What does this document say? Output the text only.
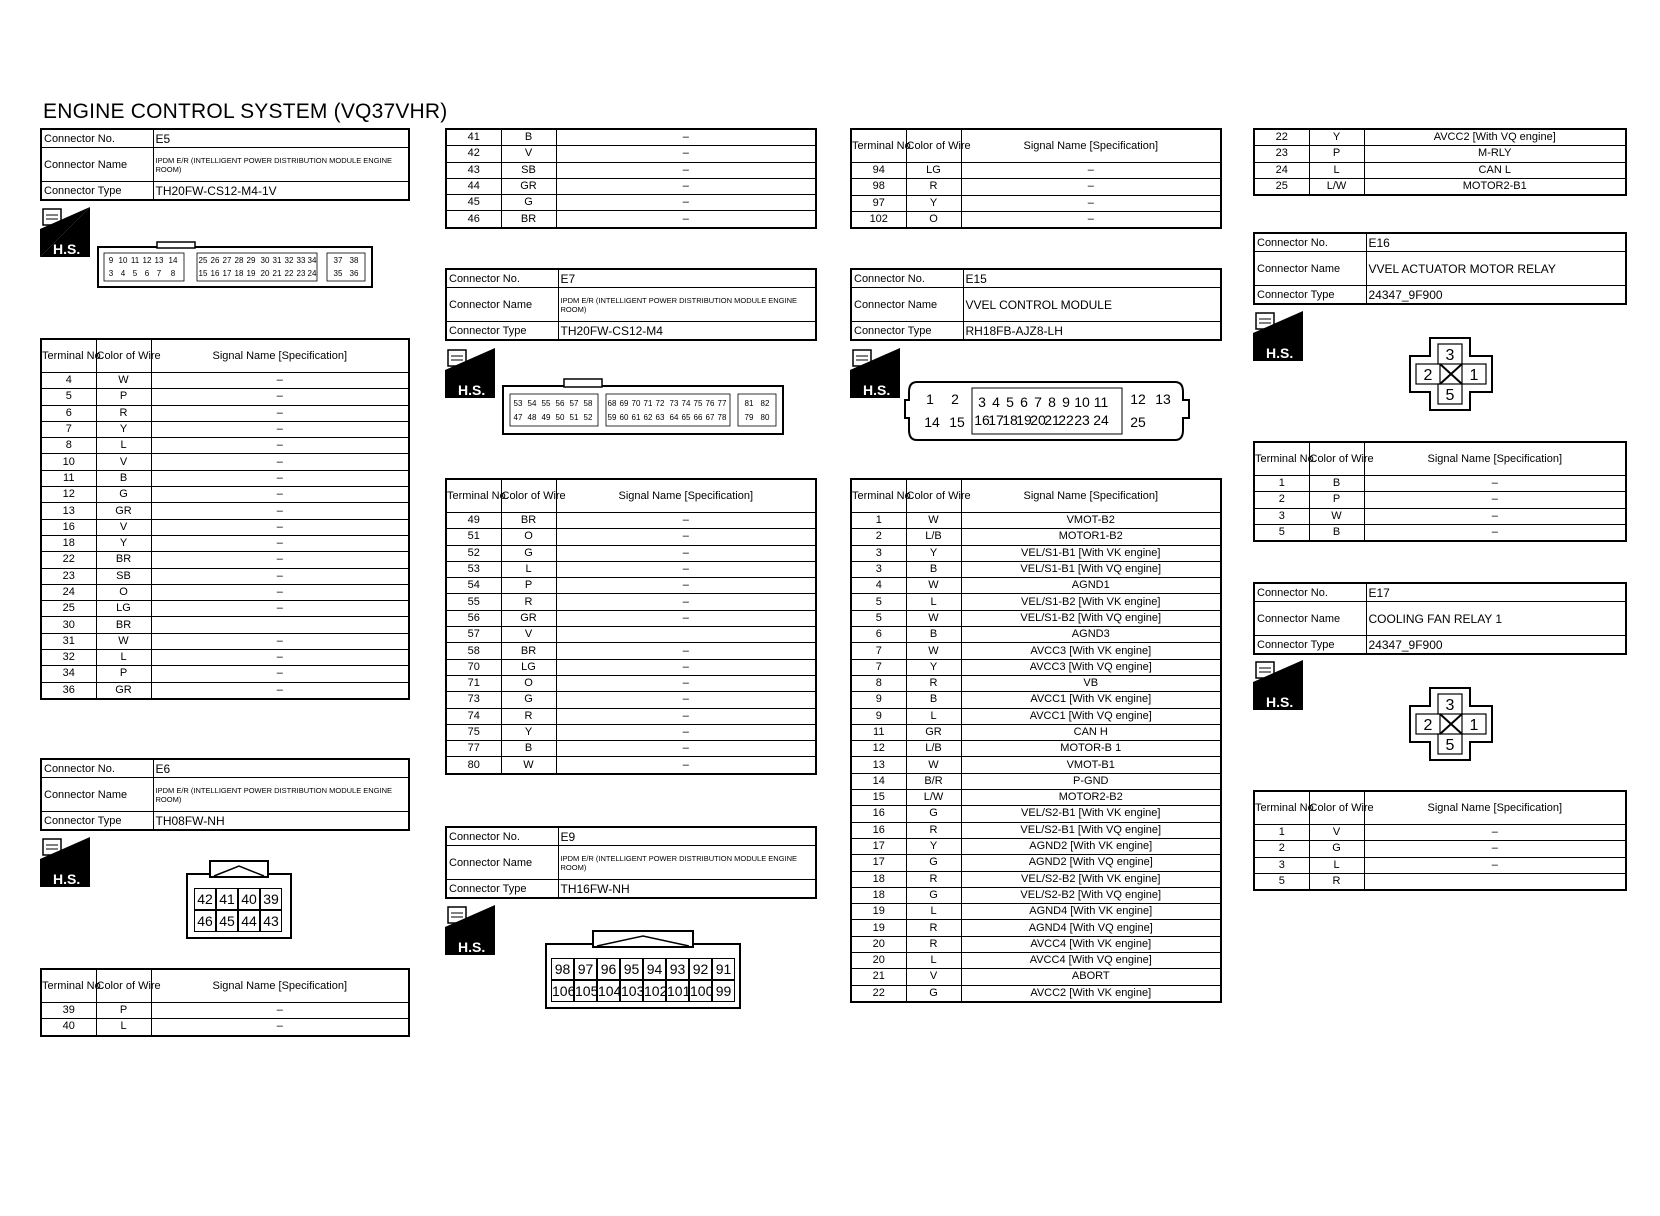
ENGINE CONTROL SYSTEM (VQ37VHR)
Connector No.	E5
Connector Name	IPDM E/R (INTELLIGENT POWER DISTRIBUTION MODULE ENGINE ROOM)
Connector Type	TH20FW-CS12-M4-1V
H.S.
9 10 11 12 13 14
3 4 5 6 7 8
25 26 27 28 29 30 31 32 33 34
15 16 17 18 19 20 21 22 23 24
37 38
35 36
Terminal No.	Color of Wire	Signal Name [Specification]
4	W	–
5	P	–
6	R	–
7	Y	–
8	L	–
10	V	–
11	B	–
12	G	–
13	GR	–
16	V	–
18	Y	–
22	BR	–
23	SB	–
24	O	–
25	LG	–
30	BR	
31	W	–
32	L	–
34	P	–
36	GR	–
Connector No.	E6
Connector Name	IPDM E/R (INTELLIGENT POWER DISTRIBUTION MODULE ENGINE ROOM)
Connector Type	TH08FW-NH
H.S.
42 41 40 39
46 45 44 43
Terminal No.	Color of Wire	Signal Name [Specification]
39	P	–
40	L	–
41	B	–
42	V	–
43	SB	–
44	GR	–
45	G	–
46	BR	–
Connector No.	E7
Connector Name	IPDM E/R (INTELLIGENT POWER DISTRIBUTION MODULE ENGINE ROOM)
Connector Type	TH20FW-CS12-M4
H.S.
53 54 55 56 57 58
47 48 49 50 51 52
68 69 70 71 72 73 74 75 76 77
59 60 61 62 63 64 65 66 67 78
81 82
79 80
Terminal No.	Color of Wire	Signal Name [Specification]
49	BR	–
51	O	–
52	G	–
53	L	–
54	P	–
55	R	–
56	GR	–
57	V	
58	BR	–
70	LG	–
71	O	–
73	G	–
74	R	–
75	Y	–
77	B	–
80	W	–
Connector No.	E9
Connector Name	IPDM E/R (INTELLIGENT POWER DISTRIBUTION MODULE ENGINE ROOM)
Connector Type	TH16FW-NH
H.S.
98 97 96 95 94 93 92 91
106 105 104 103 102 101 100 99
Terminal No.	Color of Wire	Signal Name [Specification]
94	LG	–
98	R	–
97	Y	–
102	O	–
Connector No.	E15
Connector Name	VVEL CONTROL MODULE
Connector Type	RH18FB-AJZ8-LH
H.S.
1 2 3 4 5 6 7 8 9 10 11 12 13
14 15 16
17
18
19
20
21
22 23 24 25
Terminal No.	Color of Wire	Signal Name [Specification]
1	W	VMOT-B2
2	L/B	MOTOR1-B2
3	Y	VEL/S1-B1 [With VK engine]
3	B	VEL/S1-B1 [With VQ engine]
4	W	AGND1
5	L	VEL/S1-B2 [With VK engine]
5	W	VEL/S1-B2 [With VQ engine]
6	B	AGND3
7	W	AVCC3 [With VK engine]
7	Y	AVCC3 [With VQ engine]
8	R	VB
9	B	AVCC1 [With VK engine]
9	L	AVCC1 [With VQ engine]
11	GR	CAN H
12	L/B	MOTOR-B 1
13	W	VMOT-B1
14	B/R	P-GND
15	L/W	MOTOR2-B2
16	G	VEL/S2-B1 [With VK engine]
16	R	VEL/S2-B1 [With VQ engine]
17	Y	AGND2 [With VK engine]
17	G	AGND2 [With VQ engine]
18	R	VEL/S2-B2 [With VK engine]
18	G	VEL/S2-B2 [With VQ engine]
19	L	AGND4 [With VK engine]
19	R	AGND4 [With VQ engine]
20	R	AVCC4 [With VK engine]
20	L	AVCC4 [With VQ engine]
21	V	ABORT
22	G	AVCC2 [With VK engine]
22	Y	AVCC2 [With VQ engine]
23	P	M-RLY
24	L	CAN L
25	L/W	MOTOR2-B1
Connector No.	E16
Connector Name	VVEL ACTUATOR MOTOR RELAY
Connector Type	24347_9F900
H.S.	3
2 1
5
Terminal No.	Color of Wire	Signal Name [Specification]
1	B	–
2	P	–
3	W	–
5	B	–
Connector No.	E17
Connector Name	COOLING FAN RELAY 1
Connector Type	24347_9F900
H.S.	3
2 1
5
Terminal No.	Color of Wire	Signal Name [Specification]
1	V	–
2	G	–
3	L	–
5	R	
